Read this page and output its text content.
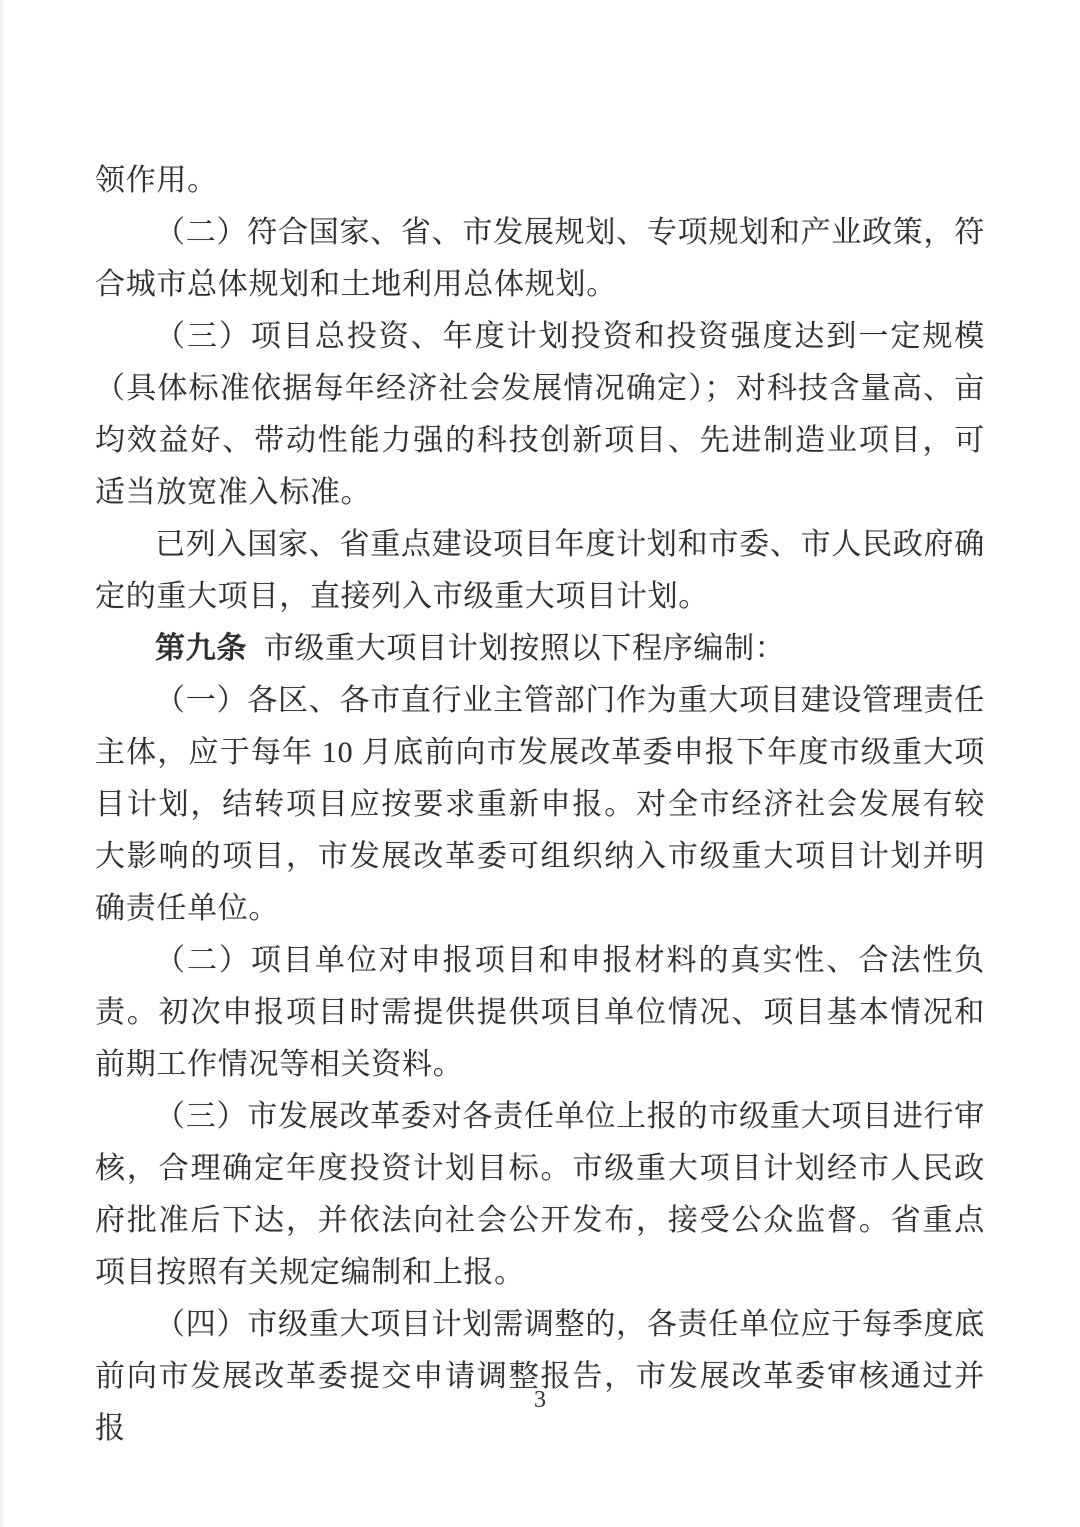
领作用。

（二）符合国家、省、市发展规划、专项规划和产业政策，符合城市总体规划和土地利用总体规划。

（三）项目总投资、年度计划投资和投资强度达到一定规模（具体标准依据每年经济社会发展情况确定）；对科技含量高、亩均效益好、带动性能力强的科技创新项目、先进制造业项目，可适当放宽准入标准。

已列入国家、省重点建设项目年度计划和市委、市人民政府确定的重大项目，直接列入市级重大项目计划。

第九条 市级重大项目计划按照以下程序编制：

（一）各区、各市直行业主管部门作为重大项目建设管理责任主体，应于每年 10 月底前向市发展改革委申报下年度市级重大项目计划，结转项目应按要求重新申报。对全市经济社会发展有较大影响的项目，市发展改革委可组织纳入市级重大项目计划并明确责任单位。

（二）项目单位对申报项目和申报材料的真实性、合法性负责。初次申报项目时需提供提供项目单位情况、项目基本情况和前期工作情况等相关资料。

（三）市发展改革委对各责任单位上报的市级重大项目进行审核，合理确定年度投资计划目标。市级重大项目计划经市人民政府批准后下达，并依法向社会公开发布，接受公众监督。省重点项目按照有关规定编制和上报。

（四）市级重大项目计划需调整的，各责任单位应于每季度底前向市发展改革委提交申请调整报告，市发展改革委审核通过并报

3
